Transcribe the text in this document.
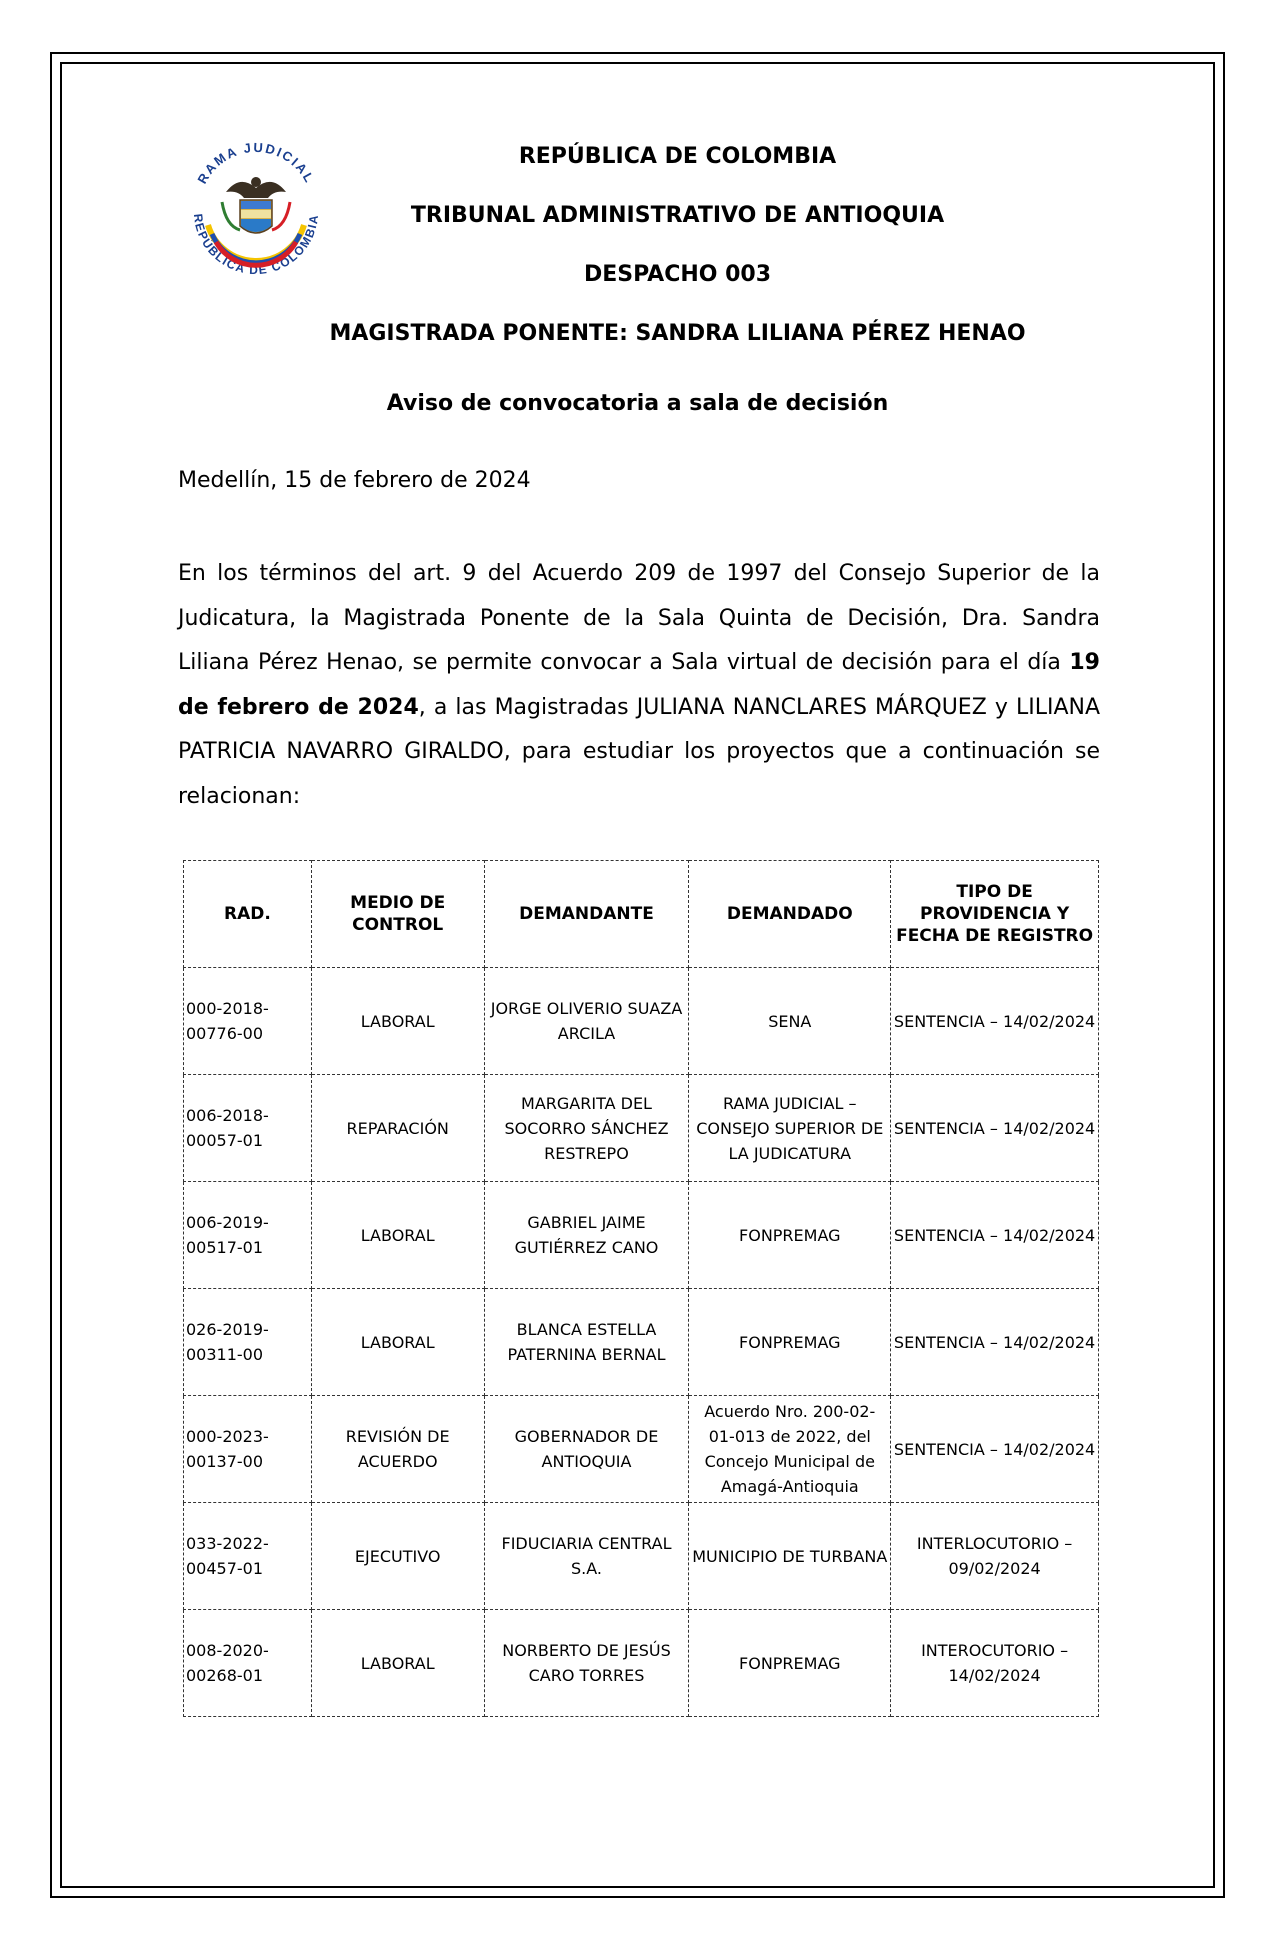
RAMA JUDICIAL
REPÚBLICA DE COLOMBIA
REPÚBLICA DE COLOMBIA
TRIBUNAL ADMINISTRATIVO DE ANTIOQUIA
DESPACHO 003
MAGISTRADA PONENTE: SANDRA LILIANA PÉREZ HENAO
Aviso de convocatoria a sala de decisión
Medellín, 15 de febrero de 2024
En los términos del art. 9 del Acuerdo 209 de 1997 del Consejo Superior de la Judicatura, la Magistrada Ponente de la Sala Quinta de Decisión, Dra. Sandra Liliana Pérez Henao, se permite convocar a Sala virtual de decisión para el día 19 de febrero de 2024, a las Magistradas JULIANA NANCLARES MÁRQUEZ y LILIANA PATRICIA NAVARRO GIRALDO, para estudiar los proyectos que a continuación se relacionan:
RAD.	MEDIO DE CONTROL	DEMANDANTE	DEMANDADO	TIPO DE PROVIDENCIA Y FECHA DE REGISTRO
000-2018-00776-00	LABORAL	JORGE OLIVERIO SUAZA ARCILA	SENA	SENTENCIA – 14/02/2024
006-2018-00057-01	REPARACIÓN	MARGARITA DEL SOCORRO SÁNCHEZ RESTREPO	RAMA JUDICIAL – CONSEJO SUPERIOR DE LA JUDICATURA	SENTENCIA – 14/02/2024
006-2019-00517-01	LABORAL	GABRIEL JAIME GUTIÉRREZ CANO	FONPREMAG	SENTENCIA – 14/02/2024
026-2019-00311-00	LABORAL	BLANCA ESTELLA PATERNINA BERNAL	FONPREMAG	SENTENCIA – 14/02/2024
000-2023-00137-00	REVISIÓN DE ACUERDO	GOBERNADOR DE ANTIOQUIA	Acuerdo Nro. 200-02-01-013 de 2022, del Concejo Municipal de Amagá-Antioquia	SENTENCIA – 14/02/2024
033-2022-00457-01	EJECUTIVO	FIDUCIARIA CENTRAL S.A.	MUNICIPIO DE TURBANA	INTERLOCUTORIO – 09/02/2024
008-2020-00268-01	LABORAL	NORBERTO DE JESÚS CARO TORRES	FONPREMAG	INTEROCUTORIO – 14/02/2024
